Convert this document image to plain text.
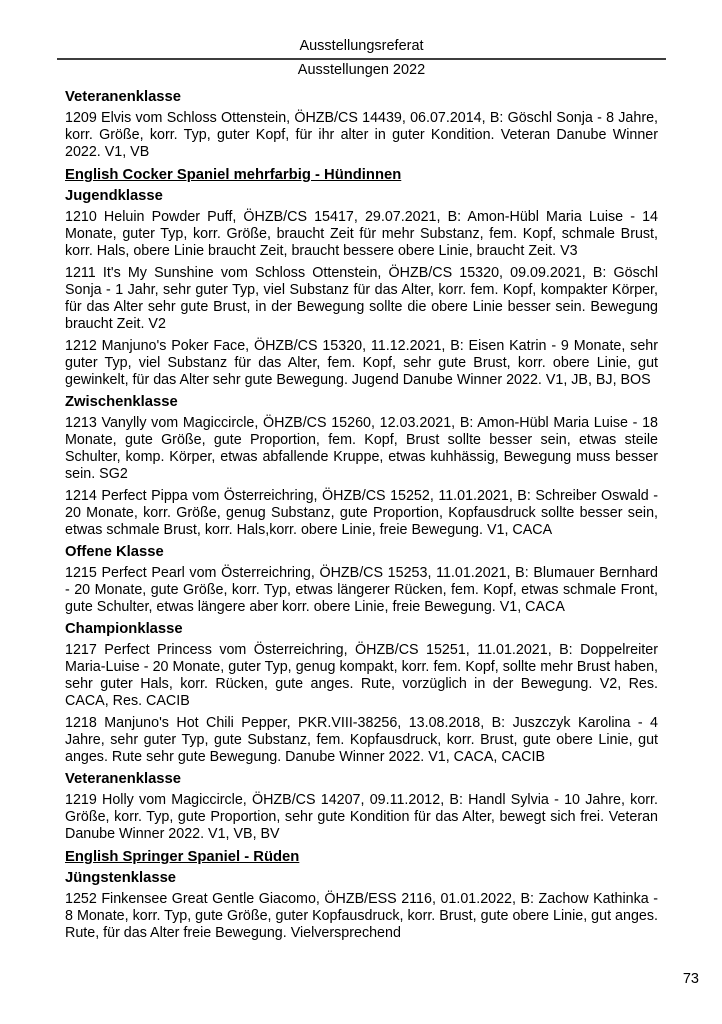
Ausstellungsreferat
Ausstellungen 2022
Veteranenklasse

1209 Elvis vom Schloss Ottenstein, ÖHZB/CS 14439, 06.07.2014, B: Göschl Sonja - 8 Jahre, korr. Größe, korr. Typ, guter Kopf, für ihr alter in guter Kondition. Veteran Danube Winner 2022. V1, VB

English Cocker Spaniel mehrfarbig - Hündinnen
Jugendklasse

1210 Heluin Powder Puff, ÖHZB/CS 15417, 29.07.2021, B: Amon-Hübl Maria Luise - 14 Monate, guter Typ, korr. Größe, braucht Zeit für mehr Substanz, fem. Kopf, schmale Brust, korr. Hals, obere Linie braucht Zeit, braucht bessere obere Linie, braucht Zeit. V3

1211 It's My Sunshine vom Schloss Ottenstein, ÖHZB/CS 15320, 09.09.2021, B: Göschl Sonja - 1 Jahr, sehr guter Typ, viel Substanz für das Alter, korr. fem. Kopf, kompakter Körper, für das Alter sehr gute Brust, in der Bewegung sollte die obere Linie besser sein. Bewegung braucht Zeit. V2

1212 Manjuno's Poker Face, ÖHZB/CS 15320, 11.12.2021, B: Eisen Katrin - 9 Monate, sehr guter Typ, viel Substanz für das Alter, fem. Kopf, sehr gute Brust, korr. obere Linie, gut gewinkelt, für das Alter sehr gute Bewegung. Jugend Danube Winner 2022. V1, JB, BJ, BOS

Zwischenklasse

1213 Vanylly vom Magiccircle, ÖHZB/CS 15260, 12.03.2021, B: Amon-Hübl Maria Luise - 18 Monate, gute Größe, gute Proportion, fem. Kopf, Brust sollte besser sein, etwas steile Schulter, komp. Körper, etwas abfallende Kruppe, etwas kuhhässig, Bewegung muss besser sein. SG2

1214 Perfect Pippa vom Österreichring, ÖHZB/CS 15252, 11.01.2021, B: Schreiber Oswald - 20 Monate, korr. Größe, genug Substanz, gute Proportion, Kopfausdruck sollte besser sein, etwas schmale Brust, korr. Hals,korr. obere Linie, freie Bewegung. V1, CACA

Offene Klasse

1215 Perfect Pearl vom Österreichring, ÖHZB/CS 15253, 11.01.2021, B: Blumauer Bernhard - 20 Monate, gute Größe, korr. Typ, etwas längerer Rücken, fem. Kopf, etwas schmale Front, gute Schulter, etwas längere aber korr. obere Linie, freie Bewegung. V1, CACA

Championklasse

1217 Perfect Princess vom Österreichring, ÖHZB/CS 15251, 11.01.2021, B: Doppelreiter Maria-Luise - 20 Monate, guter Typ, genug kompakt, korr. fem. Kopf, sollte mehr Brust haben, sehr guter Hals, korr. Rücken, gute anges. Rute, vorzüglich in der Bewegung. V2, Res. CACA, Res. CACIB

1218 Manjuno's Hot Chili Pepper, PKR.VIII-38256, 13.08.2018, B: Juszczyk Karolina - 4 Jahre, sehr guter Typ, gute Substanz, fem. Kopfausdruck, korr. Brust, gute obere Linie, gut anges. Rute sehr gute Bewegung. Danube Winner 2022. V1, CACA, CACIB

Veteranenklasse

1219 Holly vom Magiccircle, ÖHZB/CS 14207, 09.11.2012, B: Handl Sylvia - 10 Jahre, korr. Größe, korr. Typ, gute Proportion, sehr gute Kondition für das Alter, bewegt sich frei. Veteran Danube Winner 2022. V1, VB, BV

English Springer Spaniel - Rüden
Jüngstenklasse

1252 Finkensee Great Gentle Giacomo, ÖHZB/ESS 2116, 01.01.2022, B: Zachow Kathinka - 8 Monate, korr. Typ, gute Größe, guter Kopfausdruck, korr. Brust, gute obere Linie, gut anges. Rute, für das Alter freie Bewegung. Vielversprechend

73
